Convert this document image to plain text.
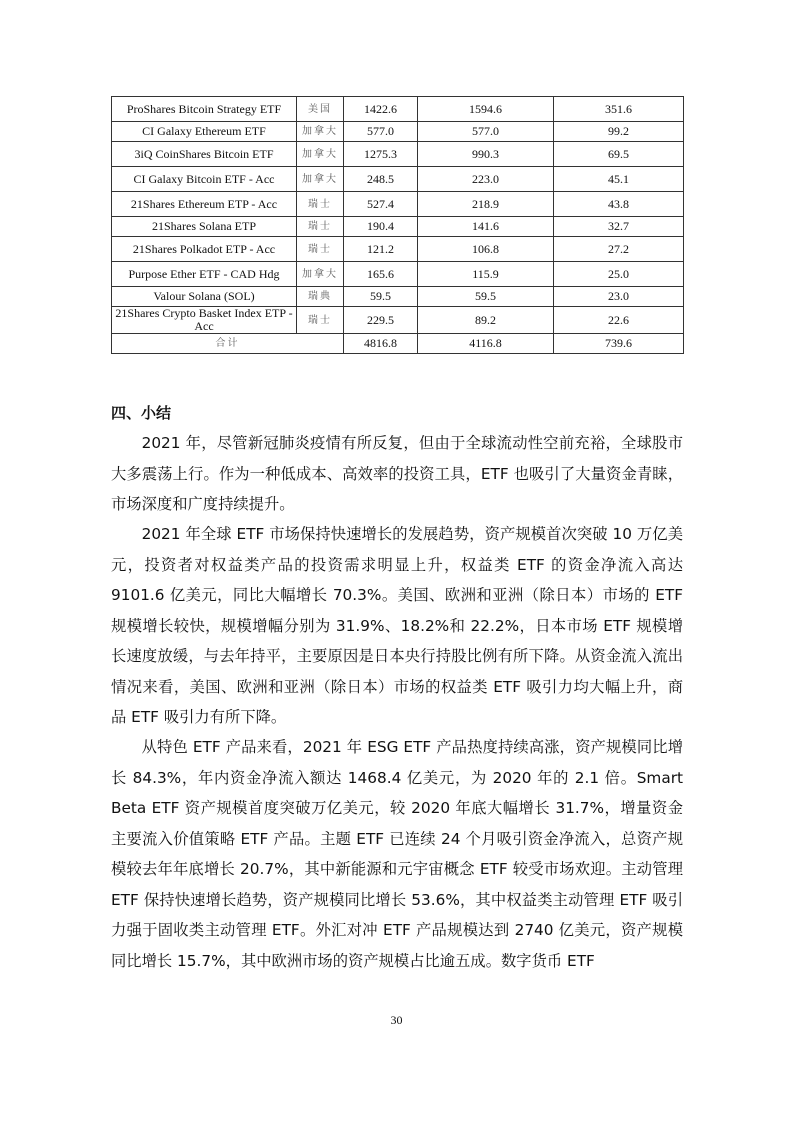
ProShares Bitcoin Strategy ETF	美国	1422.6	1594.6	351.6
CI Galaxy Ethereum ETF	加拿大	577.0	577.0	99.2
3iQ CoinShares Bitcoin ETF	加拿大	1275.3	990.3	69.5
CI Galaxy Bitcoin ETF - Acc	加拿大	248.5	223.0	45.1
21Shares Ethereum ETP - Acc	瑞士	527.4	218.9	43.8
21Shares Solana ETP	瑞士	190.4	141.6	32.7
21Shares Polkadot ETP - Acc	瑞士	121.2	106.8	27.2
Purpose Ether ETF - CAD Hdg	加拿大	165.6	115.9	25.0
Valour Solana (SOL)	瑞典	59.5	59.5	23.0
21Shares Crypto Basket Index ETP - Acc	瑞士	229.5	89.2	22.6
合计		4816.8	4116.8	739.6
四、小结

2021 年，尽管新冠肺炎疫情有所反复，但由于全球流动性空前充裕，全球股市大多震荡上行。作为一种低成本、高效率的投资工具，ETF 也吸引了大量资金青睐，市场深度和广度持续提升。

2021 年全球 ETF 市场保持快速增长的发展趋势，资产规模首次突破 10 万亿美元，投资者对权益类产品的投资需求明显上升，权益类 ETF 的资金净流入高达 9101.6 亿美元，同比大幅增长 70.3%。美国、欧洲和亚洲（除日本）市场的 ETF 规模增长较快，规模增幅分别为 31.9%、18.2%和 22.2%，日本市场 ETF 规模增长速度放缓，与去年持平，主要原因是日本央行持股比例有所下降。从资金流入流出情况来看，美国、欧洲和亚洲（除日本）市场的权益类 ETF 吸引力均大幅上升，商品 ETF 吸引力有所下降。

从特色 ETF 产品来看，2021 年 ESG ETF 产品热度持续高涨，资产规模同比增长 84.3%，年内资金净流入额达 1468.4 亿美元，为 2020 年的 2.1 倍。Smart Beta ETF 资产规模首度突破万亿美元，较 2020 年底大幅增长 31.7%，增量资金主要流入价值策略 ETF 产品。主题 ETF 已连续 24 个月吸引资金净流入，总资产规模较去年年底增长 20.7%，其中新能源和元宇宙概念 ETF 较受市场欢迎。主动管理 ETF 保持快速增长趋势，资产规模同比增长 53.6%，其中权益类主动管理 ETF 吸引力强于固收类主动管理 ETF。外汇对冲 ETF 产品规模达到 2740 亿美元，资产规模同比增长 15.7%，其中欧洲市场的资产规模占比逾五成。数字货币 ETF

30
